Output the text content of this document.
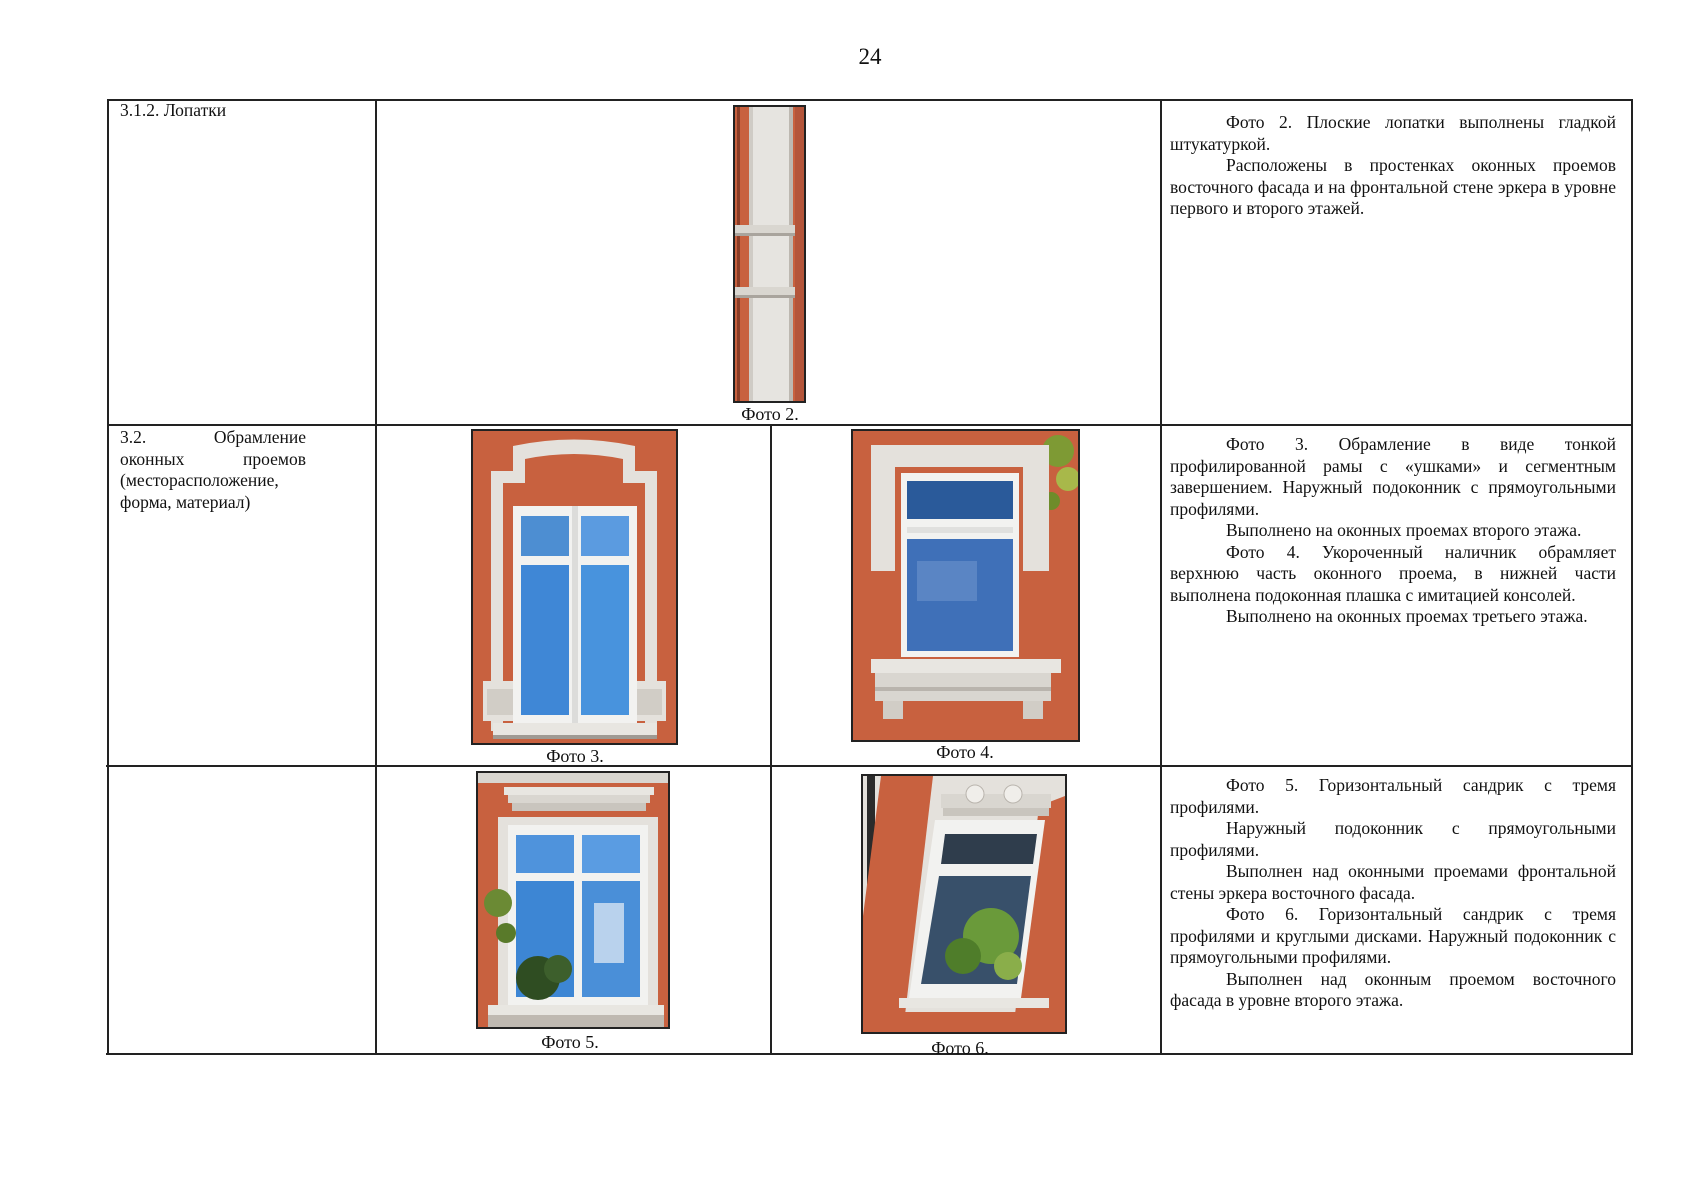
24
3.1.2. Лопатки
Фото 2.

Фото 2. Плоские лопатки выполнены гладкой штукатуркой.

Расположены в простенках оконных проемов восточного фасада и на фронтальной стене эркера в уровне первого и второго этажей.

3.2. Обрамление оконных проемов (месторасположение, форма, материал)
Фото 3.	Фото 4.

Фото 3. Обрамление в виде тонкой профилированной рамы с «ушками» и сегментным завершением. Наружный подоконник с прямоугольными профилями.

Выполнено на оконных проемах второго этажа.

Фото 4. Укороченный наличник обрамляет верхнюю часть оконного проема, в нижней части выполнена подоконная плашка с имитацией консолей.

Выполнено на оконных проемах третьего этажа.

Фото 5.	Фото 6.

Фото 5. Горизонтальный сандрик с тремя профилями.

Наружный подоконник с прямоугольными профилями.

Выполнен над оконными проемами фронтальной стены эркера восточного фасада.

Фото 6. Горизонтальный сандрик с тремя профилями и круглыми дисками. Наружный подоконник с прямоугольными профилями.

Выполнен над оконным проемом восточного фасада в уровне второго этажа.
